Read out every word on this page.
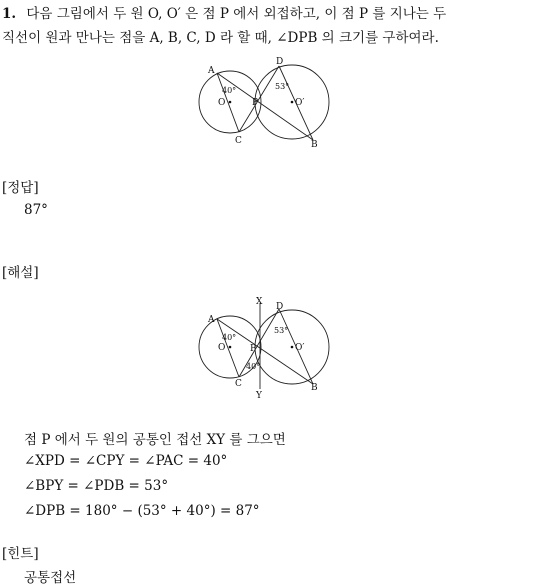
1. 다음 그림에서 두 원 O, O′ 은 점 P 에서 외접하고, 이 점 P 를 지나는 두
직선이 원과 만나는 점을 A, B, C, D 라 할 때, ∠DPB 의 크기를 구하여라.
A
B
C
D
P
O	O′
40°	53°
[정답]
87°
[해설]
X
Y
A
B
C
D
P
O	O′
40°
53°
40°
점 P 에서 두 원의 공통인 접선 XY 를 그으면
∠XPD = ∠CPY = ∠PAC = 40°
∠BPY = ∠PDB = 53°
∠DPB = 180° − (53° + 40°) = 87°
[힌트]
공통접선
